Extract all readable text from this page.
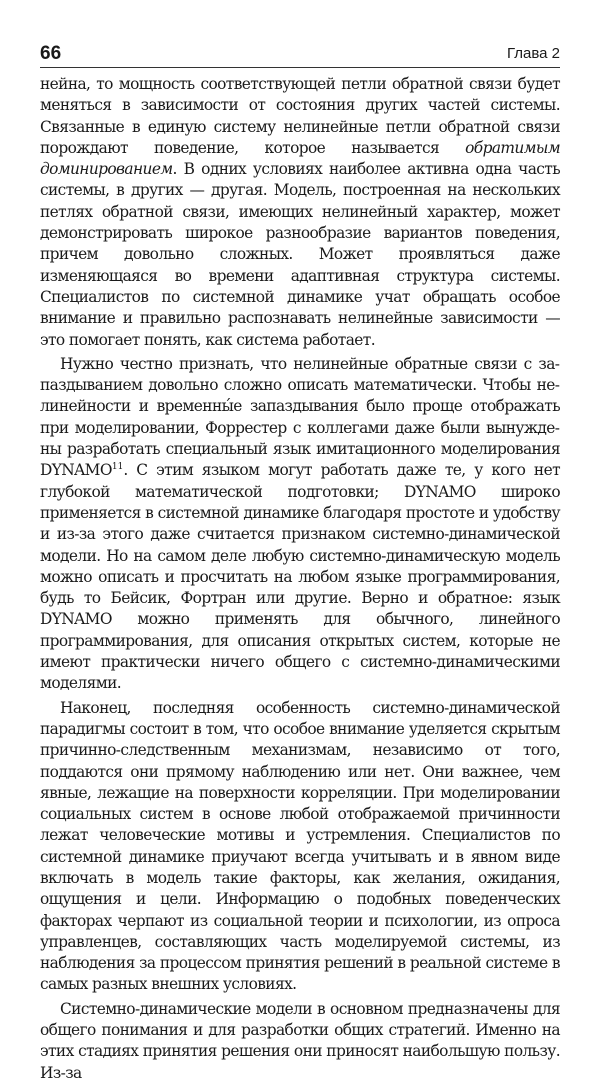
66	Глава 2

нейна, то мощность соответствующей петли обратной связи будет меняться в зависимости от состояния других частей системы. Связанные в единую систему нелинейные петли обратной связи порождают поведение, которое называется обратимым доминированием. В одних условиях наиболее активна одна часть системы, в других — другая. Модель, построенная на нескольких петлях обратной связи, имеющих нелинейный характер, может демонстрировать широкое разнообразие вариантов поведения, причем довольно сложных. Может проявляться даже изменяющаяся во времени адаптивная структура системы. Специалистов по системной динамике учат обращать особое внимание и правильно распознавать нелинейные зависимости — это помогает понять, как система работает.

Нужно честно признать, что нелинейные обратные связи с запаздыванием довольно сложно описать математически. Чтобы нелинейности и временны́е запаздывания было проще отображать при моделировании, Форрестер с коллегами даже были вынуждены разработать специальный язык имитационного моделирования DYNAMO$^{11}$. С этим языком могут работать даже те, у кого нет глубокой математической подготовки; DYNAMO широко применяется в системной динамике благодаря простоте и удобству и из-за этого даже считается признаком системно-динамической модели. Но на самом деле любую системно-динамическую модель можно описать и просчитать на любом языке программирования, будь то Бейсик, Фортран или другие. Верно и обратное: язык DYNAMO можно применять для обычного, линейного программирования, для описания открытых систем, которые не имеют практически ничего общего с системно-динамическими моделями.

Наконец, последняя особенность системно-динамической парадигмы состоит в том, что особое внимание уделяется скрытым причинно-следственным механизмам, независимо от того, поддаются они прямому наблюдению или нет. Они важнее, чем явные, лежащие на поверхности корреляции. При моделировании социальных систем в основе любой отображаемой причинности лежат человеческие мотивы и устремления. Специалистов по системной динамике приучают всегда учитывать и в явном виде включать в модель такие факторы, как желания, ожидания, ощущения и цели. Информацию о подобных поведенческих факторах черпают из социальной теории и психологии, из опроса управленцев, составляющих часть моделируемой системы, из наблюдения за процессом принятия решений в реальной системе в самых разных внешних условиях.

Системно-динамические модели в основном предназначены для общего понимания и для разработки общих стратегий. Именно на этих стадиях принятия решения они приносят наибольшую пользу. Из-за
